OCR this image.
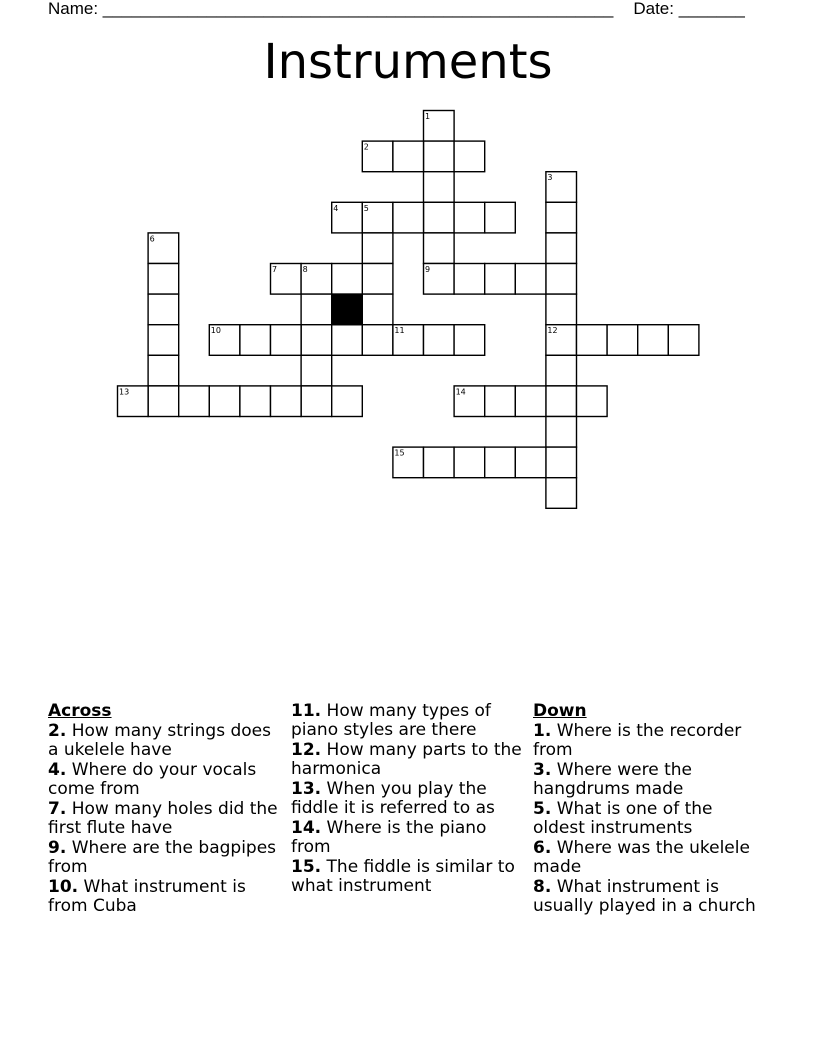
Name: ______________________________________________________ Date: _______
Instruments
1
2
3
4	5
6
7	8	9
10	11	12
13	14
15
Across
2. How many strings does a ukelele have
4. Where do your vocals come from
7. How many holes did the first flute have
9. Where are the bagpipes from
10. What instrument is from Cuba
11. How many types of piano styles are there
12. How many parts to the harmonica
13. When you play the fiddle it is referred to as
14. Where is the piano from
15. The fiddle is similar to what instrument
Down
1. Where is the recorder from
3. Where were the hangdrums made
5. What is one of the oldest instruments
6. Where was the ukelele made
8. What instrument is usually played in a church
